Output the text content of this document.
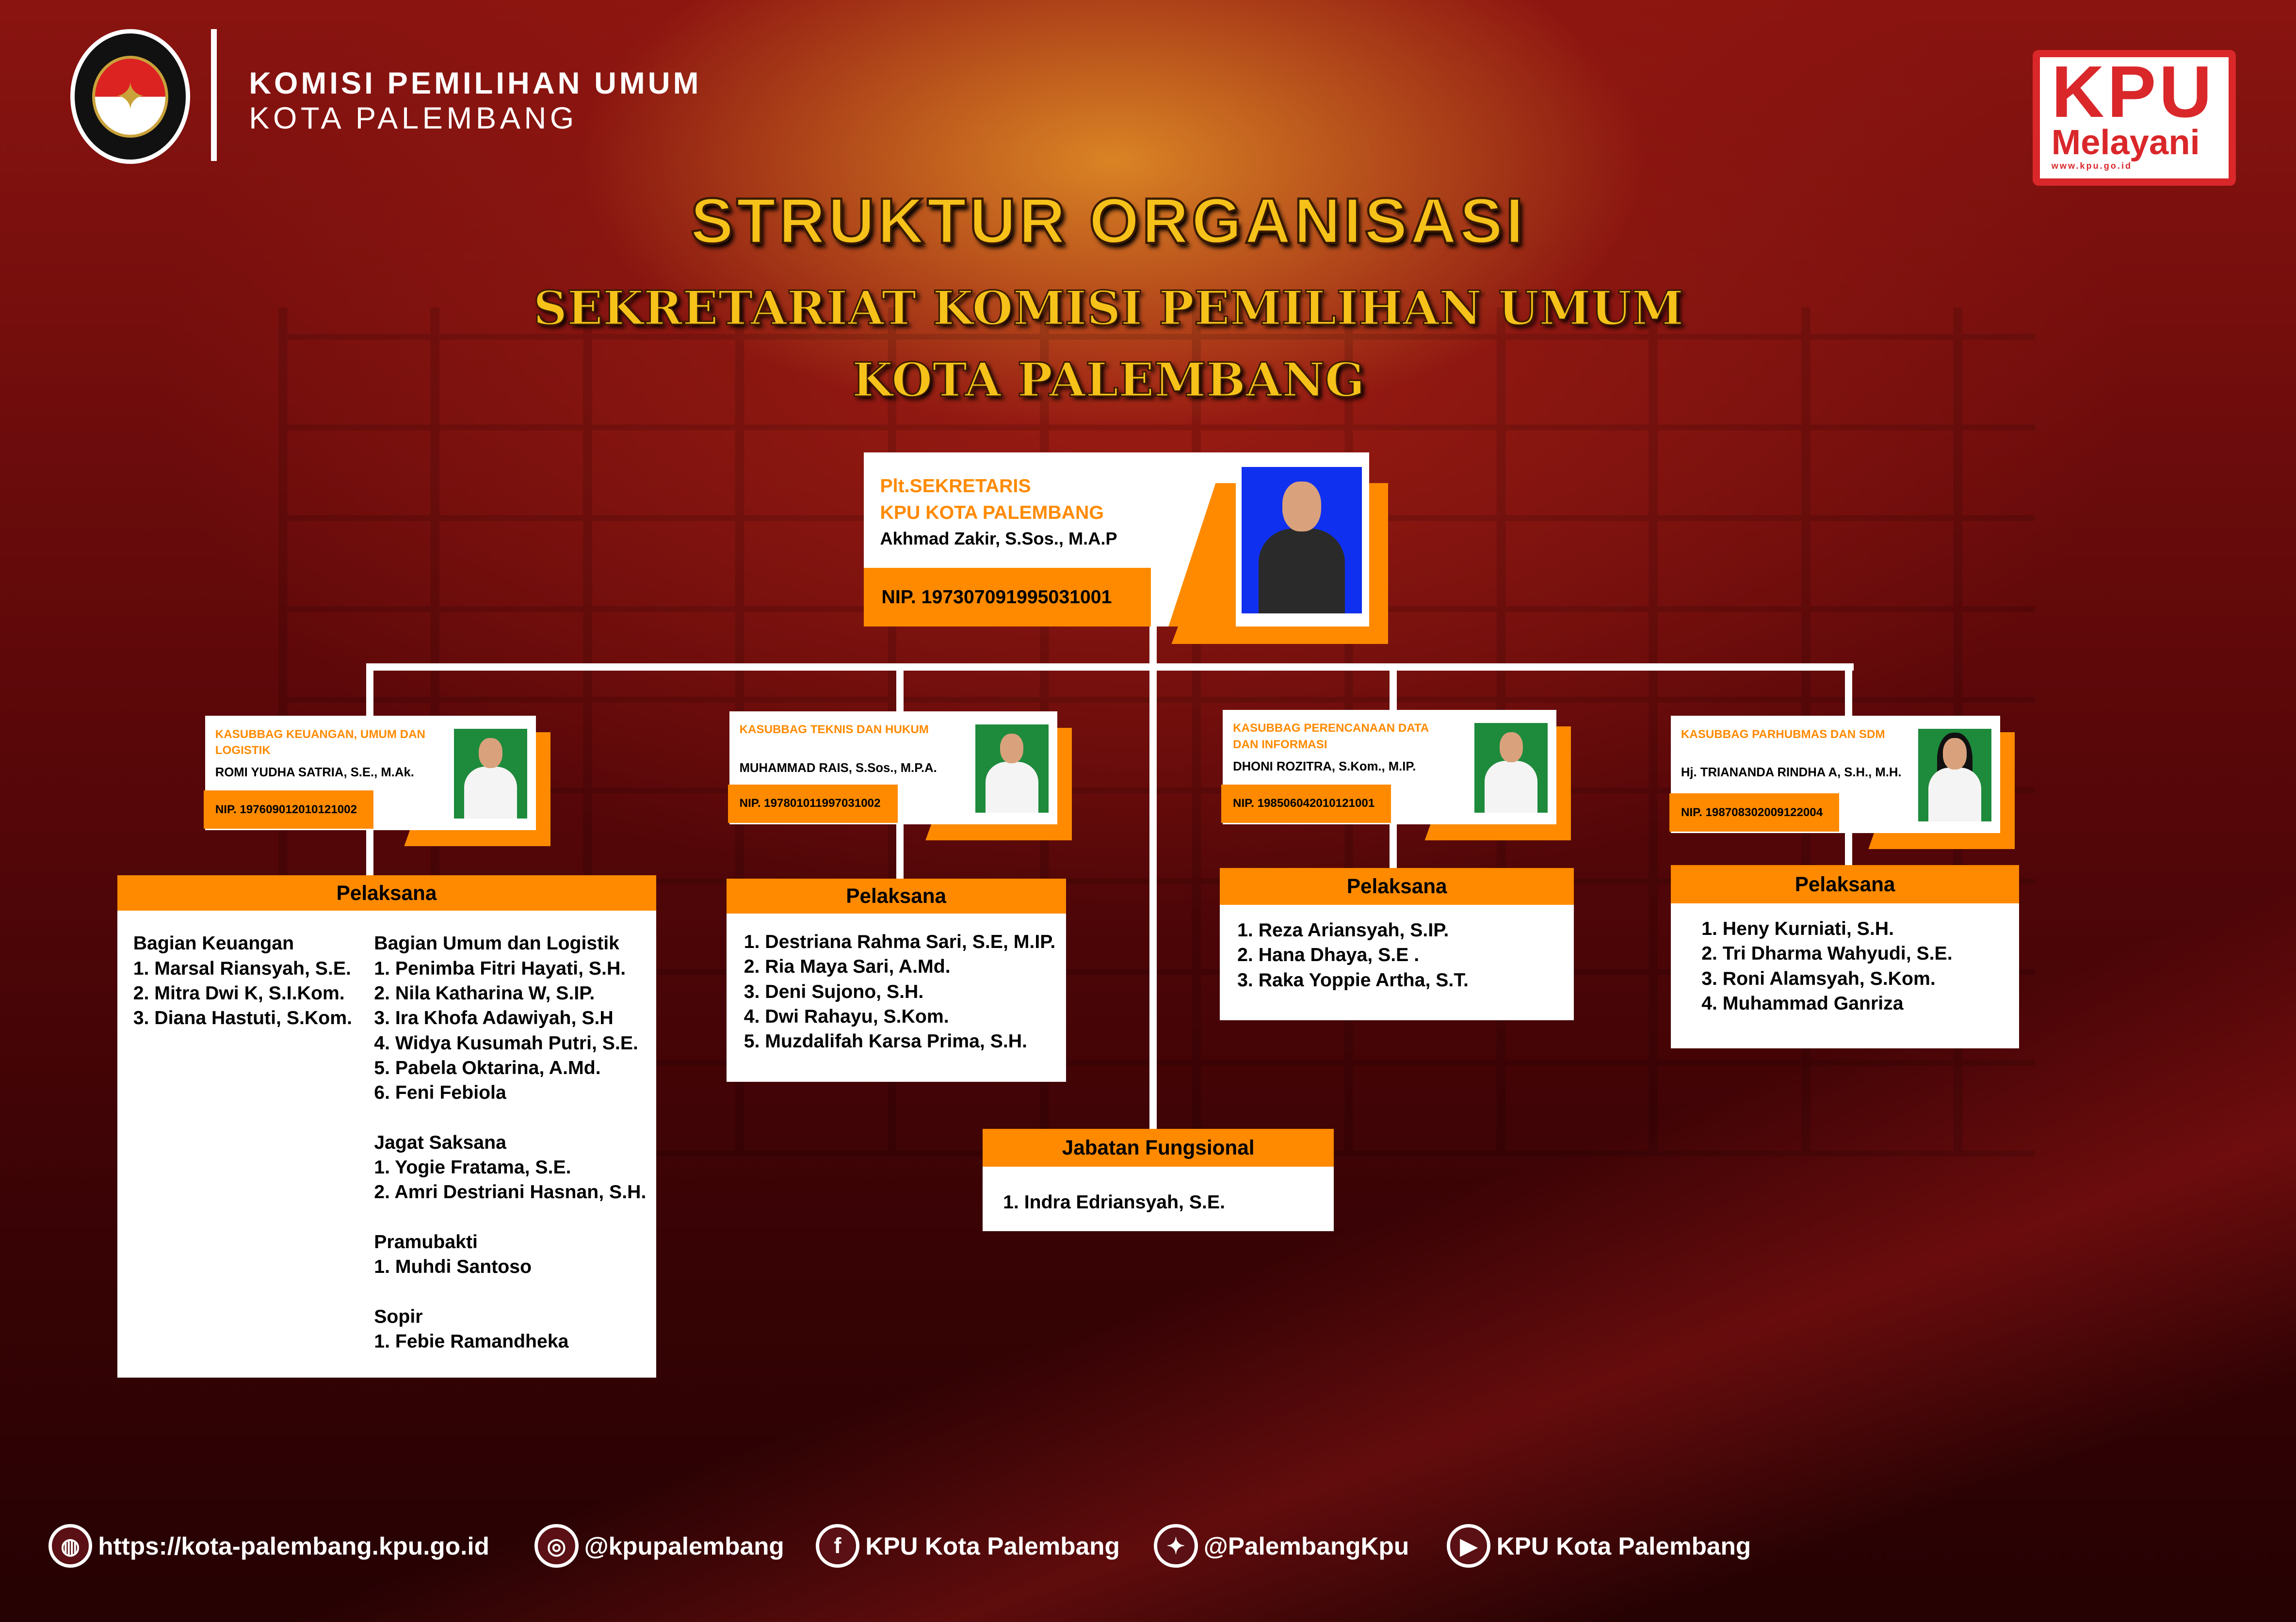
✦	KOMISI PEMILIHAN UMUM
KOTA PALEMBANG	KPU
Melayani
www.kpu.go.id
STRUKTUR ORGANISASI
SEKRETARIAT KOMISI PEMILIHAN UMUM
KOTA PALEMBANG
Plt.SEKRETARIS
KPU KOTA PALEMBANG
Akhmad Zakir, S.Sos., M.A.P
NIP. 197307091995031001
KASUBBAG KEUANGAN, UMUM DAN LOGISTIK
ROMI YUDHA SATRIA, S.E., M.Ak.
NIP. 197609012010121002
KASUBBAG TEKNIS DAN HUKUM
MUHAMMAD RAIS, S.Sos., M.P.A.
NIP. 197801011997031002
KASUBBAG PERENCANAAN DATA DAN INFORMASI
DHONI ROZITRA, S.Kom., M.IP.
NIP. 198506042010121001
KASUBBAG PARHUBMAS DAN SDM
Hj. TRIANANDA RINDHA A, S.H., M.H.
NIP. 198708302009122004
Pelaksana
Bagian Keuangan
1. Marsal Riansyah, S.E.
2. Mitra Dwi K, S.I.Kom.
3. Diana Hastuti, S.Kom.
Bagian Umum dan Logistik
1. Penimba Fitri Hayati, S.H.
2. Nila Katharina W, S.IP.
3. Ira Khofa Adawiyah, S.H
4. Widya Kusumah Putri, S.E.
5. Pabela Oktarina, A.Md.
6. Feni Febiola
Jagat Saksana
1. Yogie Fratama, S.E.
2. Amri Destriani Hasnan, S.H.
Pramubakti
1. Muhdi Santoso
Sopir
1. Febie Ramandheka
Pelaksana
1. Destriana Rahma Sari, S.E, M.IP.
2. Ria Maya Sari, A.Md.
3. Deni Sujono, S.H.
4. Dwi Rahayu, S.Kom.
5. Muzdalifah Karsa Prima, S.H.
Pelaksana
1. Reza Ariansyah, S.IP.
2. Hana Dhaya, S.E .
3. Raka Yoppie Artha, S.T.
Pelaksana
1. Heny Kurniati, S.H.
2. Tri Dharma Wahyudi, S.E.
3. Roni Alamsyah, S.Kom.
4. Muhammad Ganriza
Jabatan Fungsional
1. Indra Edriansyah, S.E.
◍ https://kota-palembang.kpu.go.id	◎ @kpupalembang	f KPU Kota Palembang	✦ @PalembangKpu	▶ KPU Kota Palembang
